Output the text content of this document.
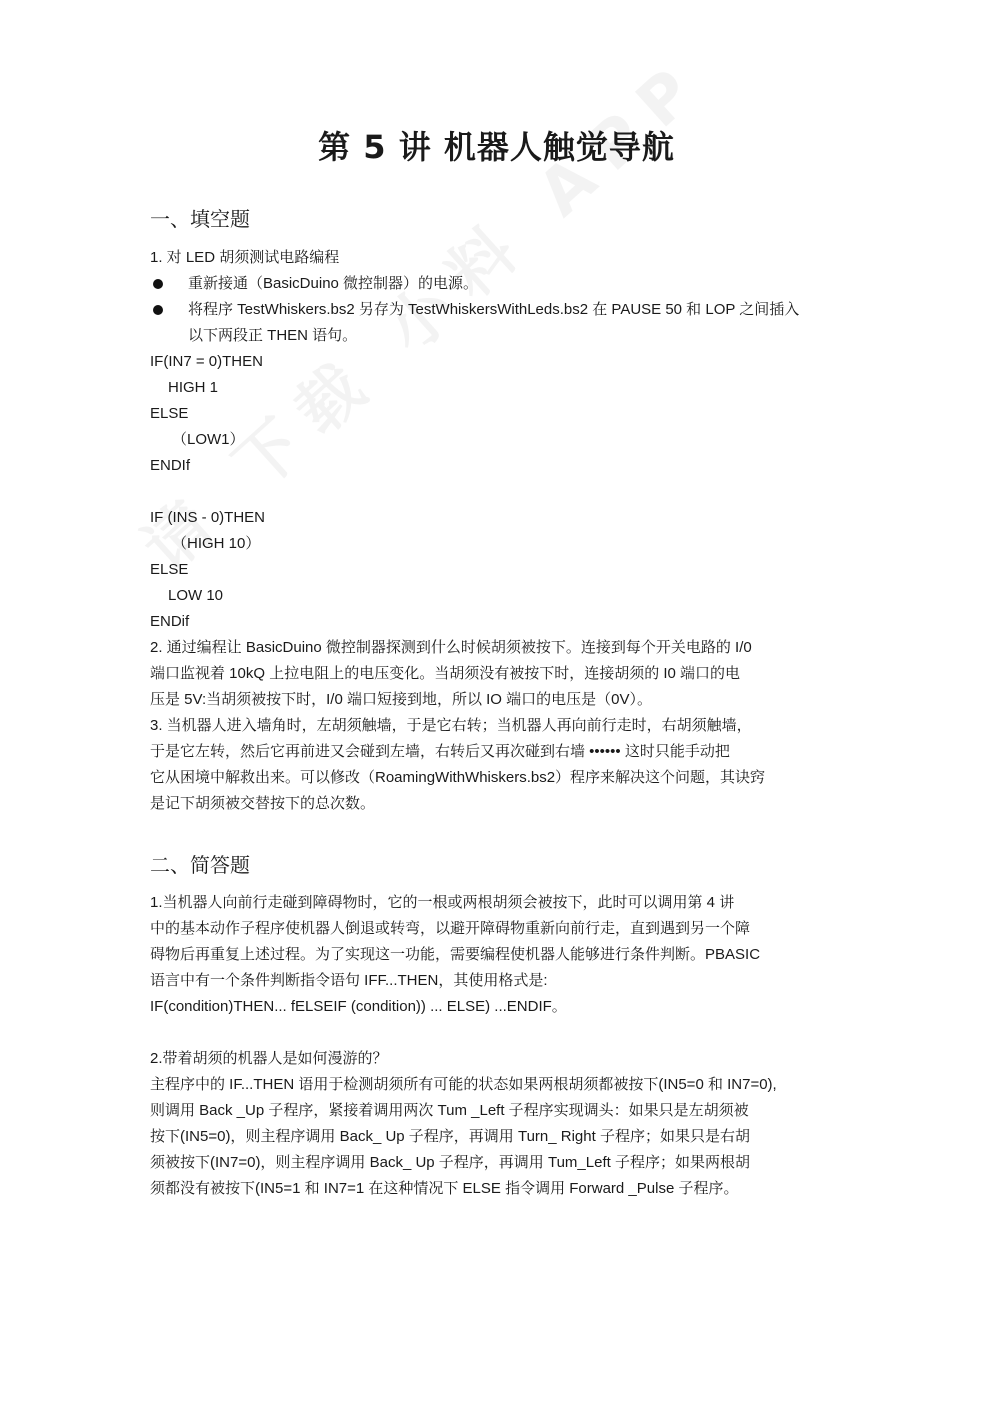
第 5 讲 机器人触觉导航
一、填空题
1. 对 LED 胡须测试电路编程
重新接通（BasicDuino 微控制器）的电源。
将程序 TestWhiskers.bs2 另存为 TestWhiskersWithLeds.bs2 在 PAUSE 50 和 LOP 之间插入
以下两段正 THEN 语句。
IF(IN7 = 0)THEN
HIGH 1
ELSE
（LOW1）
ENDIf
IF (INS - 0)THEN
（HIGH 10）
ELSE
LOW 10
ENDif
2. 通过编程让 BasicDuino 微控制器探测到什么时候胡须被按下。连接到每个开关电路的 I/0
端口监视着 10kQ 上拉电阻上的电压变化。当胡须没有被按下时，连接胡须的 I0 端口的电
压是 5V:当胡须被按下时，I/0 端口短接到地，所以 IO 端口的电压是（0V）。
3. 当机器人进入墙角时，左胡须触墙，于是它右转；当机器人再向前行走时，右胡须触墙，
于是它左转，然后它再前进又会碰到左墙，右转后又再次碰到右墙 •••••• 这时只能手动把
它从困境中解救出来。可以修改（RoamingWithWhiskers.bs2）程序来解决这个问题，其诀窍
是记下胡须被交替按下的总次数。
二、简答题
1.当机器人向前行走碰到障碍物时，它的一根或两根胡须会被按下，此时可以调用第 4 讲
中的基本动作子程序使机器人倒退或转弯，以避开障碍物重新向前行走，直到遇到另一个障
碍物后再重复上述过程。为了实现这一功能，需要编程使机器人能够进行条件判断。PBASIC
语言中有一个条件判断指令语句 IFF...THEN，其使用格式是:
IF(condition)THEN... fELSEIF (condition)) ... ELSE) ...ENDIF。
2.带着胡须的机器人是如何漫游的？
主程序中的 IF...THEN 语用于检测胡须所有可能的状态如果两根胡须都被按下(IN5=0 和 IN7=0),
则调用 Back _Up 子程序，紧接着调用两次 Tum _Left 子程序实现调头：如果只是左胡须被
按下(IN5=0)，则主程序调用 Back_ Up 子程序，再调用 Turn_ Right 子程序；如果只是右胡
须被按下(IN7=0)，则主程序调用 Back_ Up 子程序，再调用 Tum_Left 子程序；如果两根胡
须都没有被按下(IN5=1 和 IN7=1 在这种情况下 ELSE 指令调用 Forward _Pulse 子程序。
